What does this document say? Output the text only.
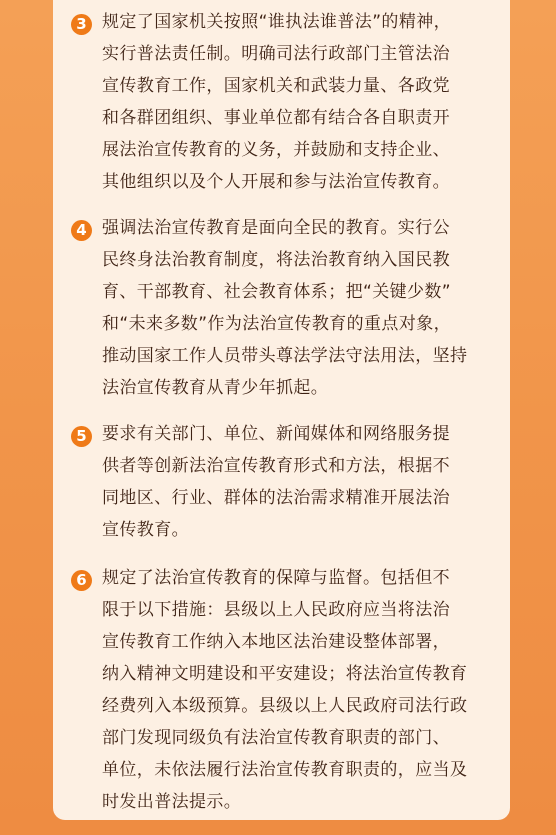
3 规定了国家机关按照“谁执法谁普法”的精神，
实行普法责任制。明确司法行政部门主管法治
宣传教育工作，国家机关和武装力量、各政党
和各群团组织、事业单位都有结合各自职责开
展法治宣传教育的义务，并鼓励和支持企业、
其他组织以及个人开展和参与法治宣传教育。
4 强调法治宣传教育是面向全民的教育。实行公
民终身法治教育制度，将法治教育纳入国民教
育、干部教育、社会教育体系；把“关键少数”
和“未来多数”作为法治宣传教育的重点对象，
推动国家工作人员带头尊法学法守法用法，坚持
法治宣传教育从青少年抓起。
5 要求有关部门、单位、新闻媒体和网络服务提
供者等创新法治宣传教育形式和方法，根据不
同地区、行业、群体的法治需求精准开展法治
宣传教育。
6 规定了法治宣传教育的保障与监督。包括但不
限于以下措施：县级以上人民政府应当将法治
宣传教育工作纳入本地区法治建设整体部署，
纳入精神文明建设和平安建设；将法治宣传教育
经费列入本级预算。县级以上人民政府司法行政
部门发现同级负有法治宣传教育职责的部门、
单位，未依法履行法治宣传教育职责的，应当及
时发出普法提示。
